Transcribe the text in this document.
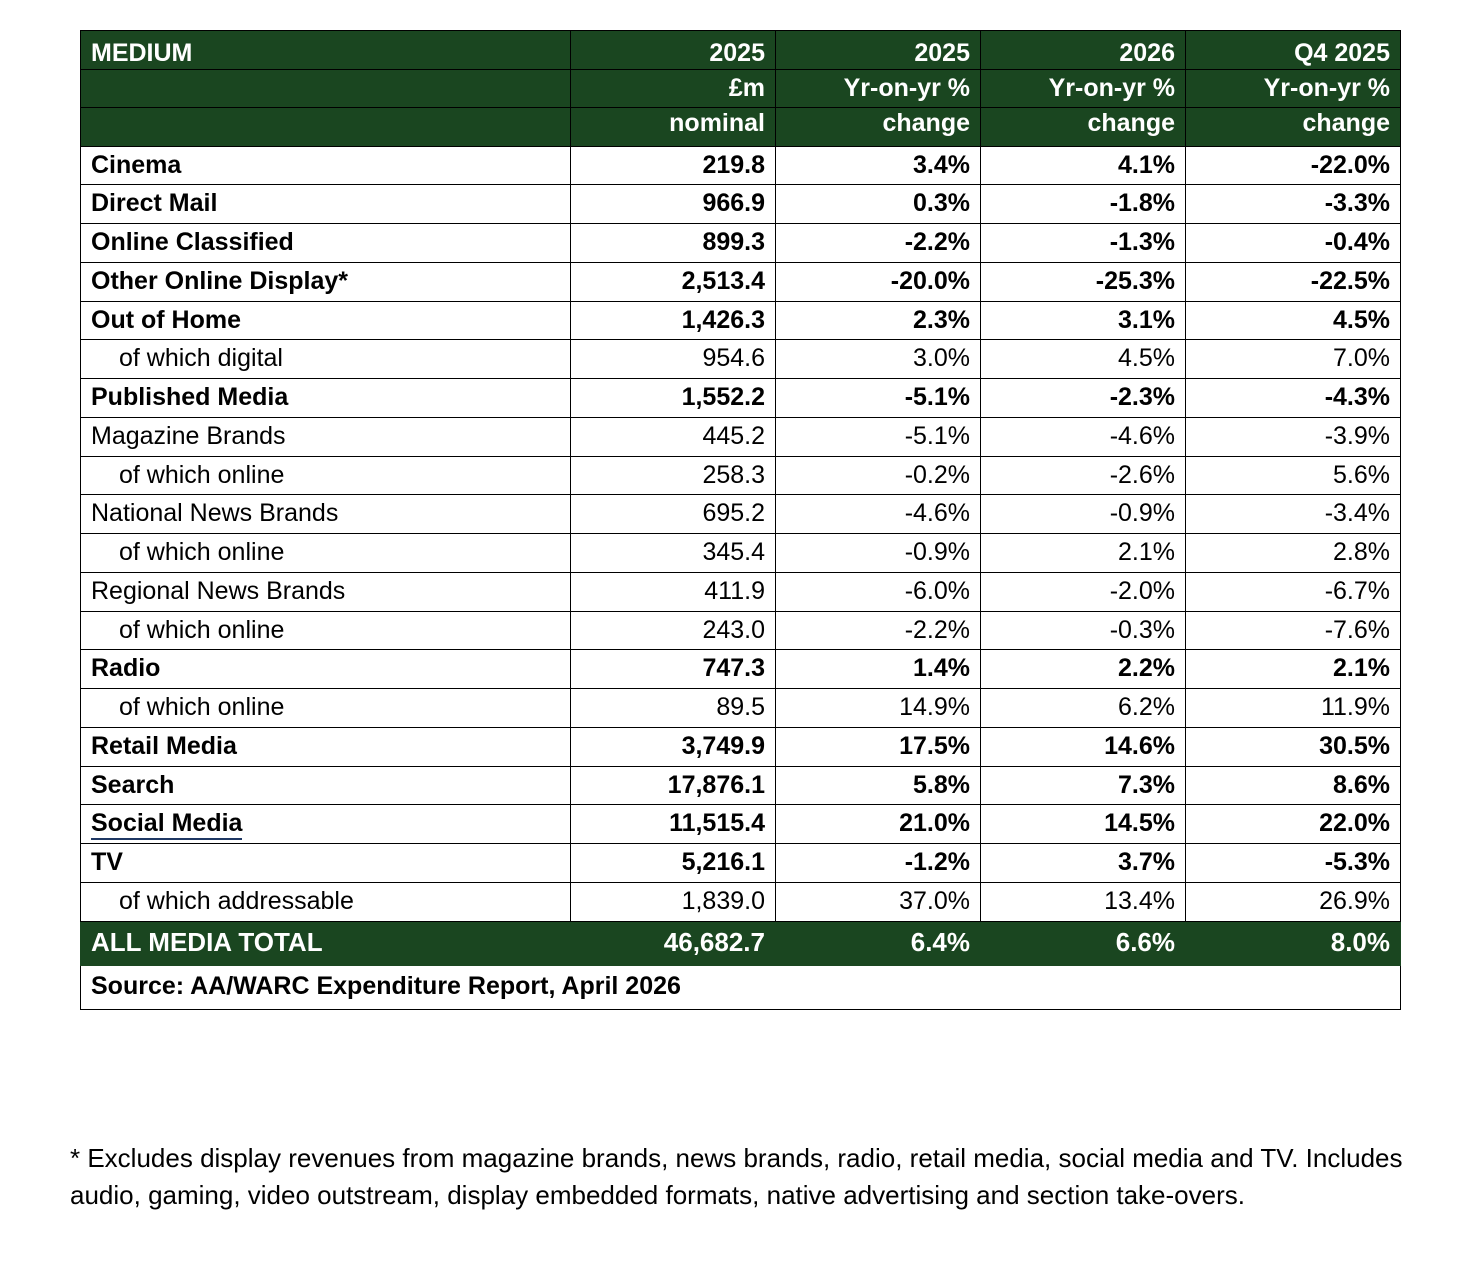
MEDIUM	2025	2025	2026	Q4 2025
	£m	Yr-on-yr %	Yr-on-yr %	Yr-on-yr %
	nominal	change	change	change
Cinema	219.8	3.4%	4.1%	-22.0%
Direct Mail	966.9	0.3%	-1.8%	-3.3%
Online Classified	899.3	-2.2%	-1.3%	-0.4%
Other Online Display*	2,513.4	-20.0%	-25.3%	-22.5%
Out of Home	1,426.3	2.3%	3.1%	4.5%
of which digital	954.6	3.0%	4.5%	7.0%
Published Media	1,552.2	-5.1%	-2.3%	-4.3%
Magazine Brands	445.2	-5.1%	-4.6%	-3.9%
of which online	258.3	-0.2%	-2.6%	5.6%
National News Brands	695.2	-4.6%	-0.9%	-3.4%
of which online	345.4	-0.9%	2.1%	2.8%
Regional News Brands	411.9	-6.0%	-2.0%	-6.7%
of which online	243.0	-2.2%	-0.3%	-7.6%
Radio	747.3	1.4%	2.2%	2.1%
of which online	89.5	14.9%	6.2%	11.9%
Retail Media	3,749.9	17.5%	14.6%	30.5%
Search	17,876.1	5.8%	7.3%	8.6%
Social Media	11,515.4	21.0%	14.5%	22.0%
TV	5,216.1	-1.2%	3.7%	-5.3%
of which addressable	1,839.0	37.0%	13.4%	26.9%
ALL MEDIA TOTAL	46,682.7	6.4%	6.6%	8.0%
Source: AA/WARC Expenditure Report, April 2026				
* Excludes display revenues from magazine brands, news brands, radio, retail media, social media and TV. Includes audio, gaming, video outstream, display embedded formats, native advertising and section take-overs.
